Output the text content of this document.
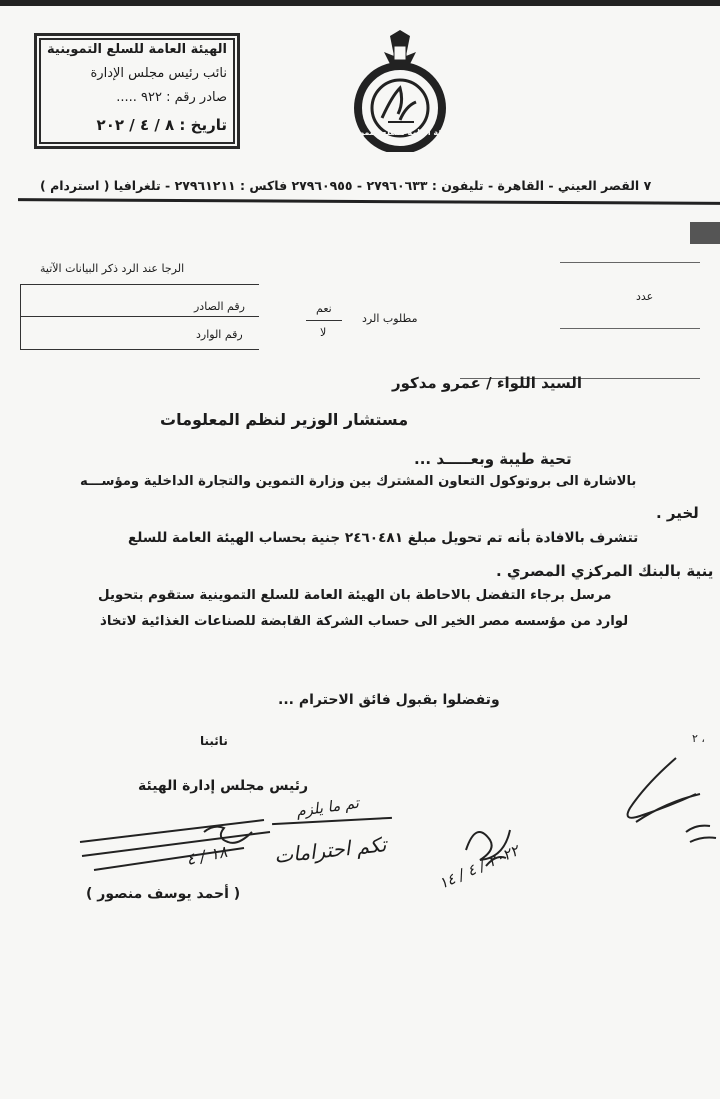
الهيئة العامة للسلع التموينية
نائب رئيس مجلس الإدارة
صادر رقم : ٩٢٢ .....
تاريخ : ٨ / ٤ / ٢٠٢	الهيئة العامة للسلع التموينية
٧ القصر العيني - القاهرة - تليفون : ٢٧٩٦٠٦٣٣ - ٢٧٩٦٠٩٥٥ فاكس : ٢٧٩٦١٢١١ - تلغرافيا ( استردام )
الرجا عند الرد ذكر البيانات الآتية
رقم الصادر
رقم الوارد
مطلوب الرد
نعم
لا
عدد
السيد اللواء / عمرو مدكور
مستشار الوزير لنظم المعلومات
تحية طيبة وبعـــــد ...
بالاشارة الى بروتوكول التعاون المشترك بين وزارة التموين والتجارة الداخلية ومؤســـه
لخير .
تتشرف بالافادة بأنه تم تحويل مبلغ ٢٤٦٠٤٨١ جنية بحساب الهيئة العامة للسلع
ينية بالبنك المركزي المصري .
مرسل برجاء التفضل بالاحاطة بان الهيئة العامة للسلع التموينية ستقوم بتحويل
لوارد من مؤسسه مصر الخير الى حساب الشركة القابضة للصناعات الغذائية لاتخاذ
وتفضلوا بقبول فائق الاحترام ...
، ٢
نائبنا
رئيس مجلس إدارة الهيئة
( أحمد يوسف منصور )
تم ما يلزم
تكم احترامات
١٨ / ٤
٢٠٢٢ / ٤ / ١٤
